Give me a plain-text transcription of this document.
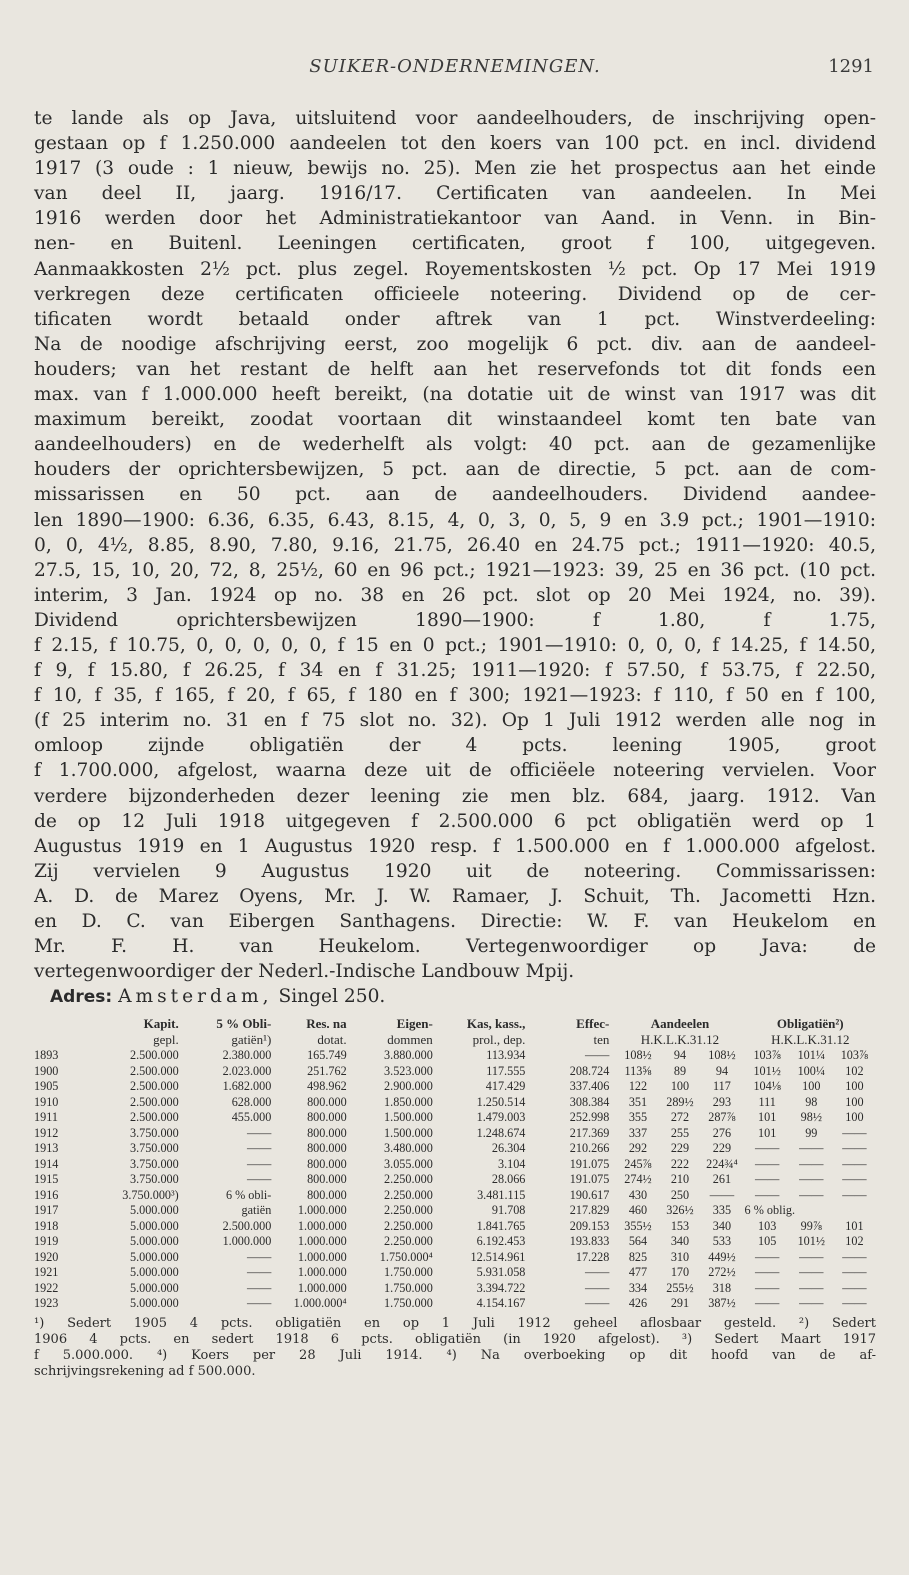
SUIKER-ONDERNEMINGEN.	1291
te lande als op Java, uitsluitend voor aandeelhouders, de inschrijving open-
gestaan op f 1.250.000 aandeelen tot den koers van 100 pct. en incl. dividend
1917 (3 oude : 1 nieuw, bewijs no. 25). Men zie het prospectus aan het einde
van deel II, jaarg. 1916/17. Certificaten van aandeelen. In Mei
1916 werden door het Administratiekantoor van Aand. in Venn. in Bin-
nen- en Buitenl. Leeningen certificaten, groot f 100, uitgegeven.
Aanmaakkosten 2½ pct. plus zegel. Royementskosten ½ pct. Op 17 Mei 1919
verkregen deze certificaten officieele noteering. Dividend op de cer-
tificaten wordt betaald onder aftrek van 1 pct. Winstverdeeling:
Na de noodige afschrijving eerst, zoo mogelijk 6 pct. div. aan de aandeel-
houders; van het restant de helft aan het reservefonds tot dit fonds een
max. van f 1.000.000 heeft bereikt, (na dotatie uit de winst van 1917 was dit
maximum bereikt, zoodat voortaan dit winstaandeel komt ten bate van
aandeelhouders) en de wederhelft als volgt: 40 pct. aan de gezamenlijke
houders der oprichtersbewijzen, 5 pct. aan de directie, 5 pct. aan de com-
missarissen en 50 pct. aan de aandeelhouders. Dividend aandee-
len 1890—1900: 6.36, 6.35, 6.43, 8.15, 4, 0, 3, 0, 5, 9 en 3.9 pct.; 1901—1910:
0, 0, 4½, 8.85, 8.90, 7.80, 9.16, 21.75, 26.40 en 24.75 pct.; 1911—1920: 40.5,
27.5, 15, 10, 20, 72, 8, 25½, 60 en 96 pct.; 1921—1923: 39, 25 en 36 pct. (10 pct.
interim, 3 Jan. 1924 op no. 38 en 26 pct. slot op 20 Mei 1924, no. 39).
Dividend oprichtersbewijzen 1890—1900: f 1.80, f 1.75,
f 2.15, f 10.75, 0, 0, 0, 0, 0, f 15 en 0 pct.; 1901—1910: 0, 0, 0, f 14.25, f 14.50,
f 9, f 15.80, f 26.25, f 34 en f 31.25; 1911—1920: f 57.50, f 53.75, f 22.50,
f 10, f 35, f 165, f 20, f 65, f 180 en f 300; 1921—1923: f 110, f 50 en f 100,
(f 25 interim no. 31 en f 75 slot no. 32). Op 1 Juli 1912 werden alle nog in
omloop zijnde obligatiën der 4 pcts. leening 1905, groot
f 1.700.000, afgelost, waarna deze uit de officiëele noteering vervielen. Voor
verdere bijzonderheden dezer leening zie men blz. 684, jaarg. 1912. Van
de op 12 Juli 1918 uitgegeven f 2.500.000 6 pct obligatiën werd op 1
Augustus 1919 en 1 Augustus 1920 resp. f 1.500.000 en f 1.000.000 afgelost.
Zij vervielen 9 Augustus 1920 uit de noteering. Commissarissen:
A. D. de Marez Oyens, Mr. J. W. Ramaer, J. Schuit, Th. Jacometti Hzn.
en D. C. van Eibergen Santhagens. Directie: W. F. van Heukelom en
Mr. F. H. van Heukelom. Vertegenwoordiger op Java: de
vertegenwoordiger der Nederl.-Indische Landbouw Mpij.
Adres: Amsterdam, Singel 250.
	Kapit.	5 % Obli-	Res. na	Eigen-	Kas, kass.,	Effec-	Aandeelen			Obligatiën²)		
	gepl.	gatiën¹)	dotat.	dommen	prol., dep.	ten	H.K.L.K.31.12			H.K.L.K.31.12		
1893	2.500.000	2.380.000	165.749	3.880.000	113.934	——	108½	94	108½	103⅞	101¼	103⅞
1900	2.500.000	2.023.000	251.762	3.523.000	117.555	208.724	113⅝	89	94	101½	100¼	102
1905	2.500.000	1.682.000	498.962	2.900.000	417.429	337.406	122	100	117	104⅛	100	100
1910	2.500.000	628.000	800.000	1.850.000	1.250.514	308.384	351	289½	293	111	98	100
1911	2.500.000	455.000	800.000	1.500.000	1.479.003	252.998	355	272	287⅞	101	98½	100
1912	3.750.000	——	800.000	1.500.000	1.248.674	217.369	337	255	276	101	99	——
1913	3.750.000	——	800.000	3.480.000	26.304	210.266	292	229	229	——	——	——
1914	3.750.000	——	800.000	3.055.000	3.104	191.075	245⅞	222	224¾⁴	——	——	——
1915	3.750.000	——	800.000	2.250.000	28.066	191.075	274½	210	261	——	——	——
1916	3.750.000³)	6 % obli-	800.000	2.250.000	3.481.115	190.617	430	250	——	——	——	——
1917	5.000.000	gatiën	1.000.000	2.250.000	91.708	217.829	460	326½	335	6 % oblig.		
1918	5.000.000	2.500.000	1.000.000	2.250.000	1.841.765	209.153	355½	153	340	103	99⅞	101
1919	5.000.000	1.000.000	1.000.000	2.250.000	6.192.453	193.833	564	340	533	105	101½	102
1920	5.000.000	——	1.000.000	1.750.000⁴	12.514.961	17.228	825	310	449½	——	——	——
1921	5.000.000	——	1.000.000	1.750.000	5.931.058	——	477	170	272½	——	——	——
1922	5.000.000	——	1.000.000	1.750.000	3.394.722	——	334	255½	318	——	——	——
1923	5.000.000	——	1.000.000⁴	1.750.000	4.154.167	——	426	291	387½	——	——	——
¹) Sedert 1905 4 pcts. obligatiën en op 1 Juli 1912 geheel aflosbaar gesteld. ²) Sedert
1906 4 pcts. en sedert 1918 6 pcts. obligatiën (in 1920 afgelost). ³) Sedert Maart 1917
f 5.000.000. ⁴) Koers per 28 Juli 1914. ⁴) Na overboeking op dit hoofd van de af-
schrijvingsrekening ad f 500.000.
